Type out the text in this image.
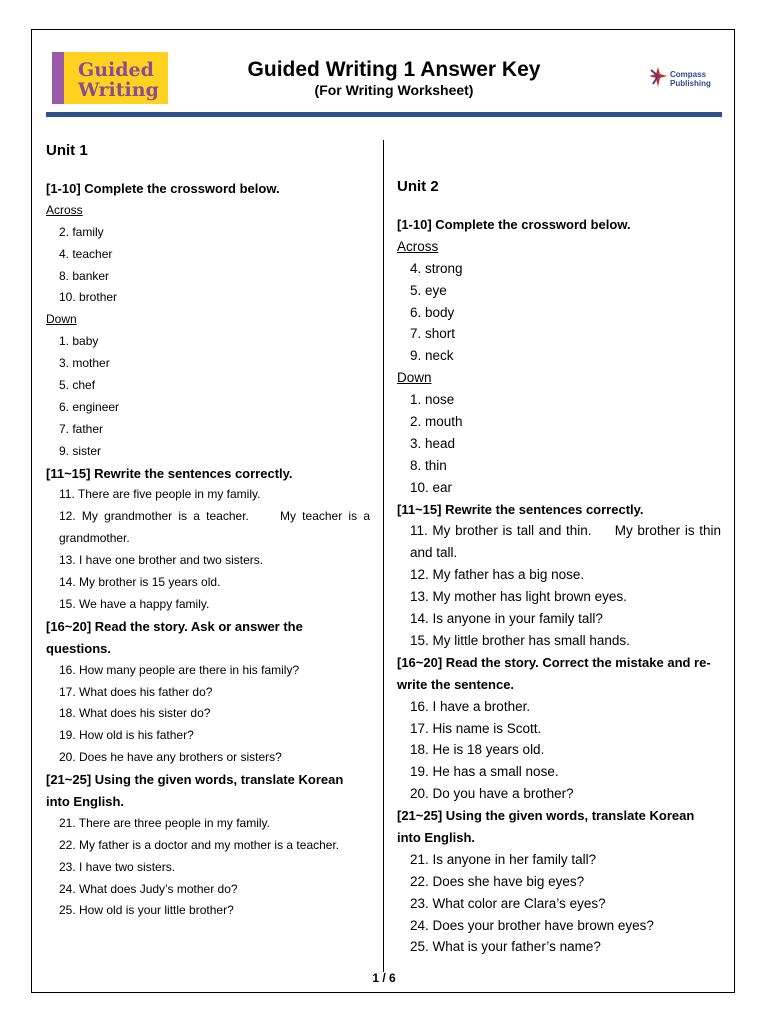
Guided
Writing
Guided Writing 1 Answer Key
(For Writing Worksheet)
Compass
Publishing
Unit 1
[1-10] Complete the crossword below.
Across
2. family
4. teacher
8. banker
10. brother
Down
1. baby
3. mother
5. chef
6. engineer
7. father
9. sister
[11~15] Rewrite the sentences correctly.
11. There are five people in my family.
12. My grandmother is a teacher.     My teacher is a grandmother.
13. I have one brother and two sisters.
14. My brother is 15 years old.
15. We have a happy family.
[16~20] Read the story. Ask or answer the questions.
16. How many people are there in his family?
17. What does his father do?
18. What does his sister do?
19. How old is his father?
20. Does he have any brothers or sisters?
[21~25] Using the given words, translate Korean into English.
21. There are three people in my family.
22. My father is a doctor and my mother is a teacher.
23. I have two sisters.
24. What does Judy’s mother do?
25. How old is your little brother?
Unit 2
[1-10] Complete the crossword below.
Across
4. strong
5. eye
6. body
7. short
9. neck
Down
1. nose
2. mouth
3. head
8. thin
10. ear
[11~15] Rewrite the sentences correctly.
11. My brother is tall and thin.     My brother is thin and tall.
12. My father has a big nose.
13. My mother has light brown eyes.
14. Is anyone in your family tall?
15. My little brother has small hands.
[16~20] Read the story. Correct the mistake and re-write the sentence.
16. I have a brother.
17. His name is Scott.
18. He is 18 years old.
19. He has a small nose.
20. Do you have a brother?
[21~25] Using the given words, translate Korean into English.
21. Is anyone in her family tall?
22. Does she have big eyes?
23. What color are Clara’s eyes?
24. Does your brother have brown eyes?
25. What is your father’s name?
1 / 6
